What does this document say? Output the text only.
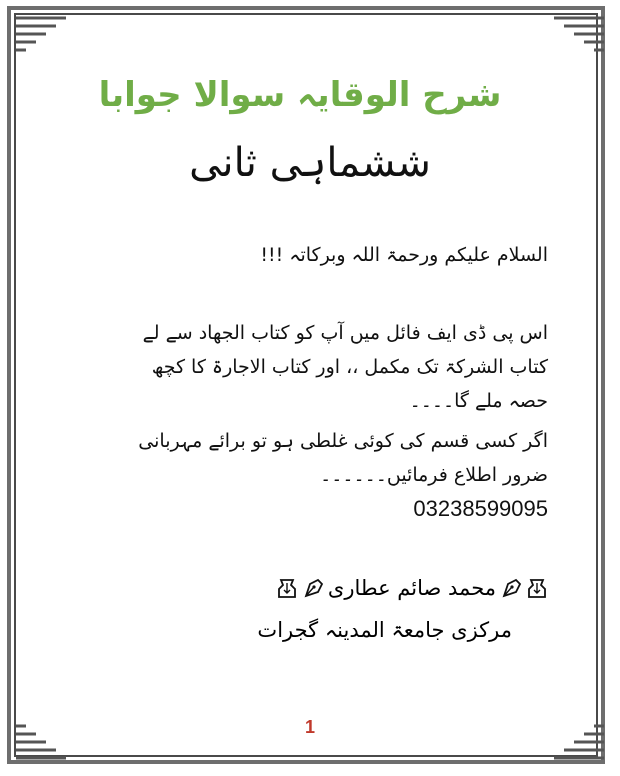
شرح الوقایہ سوالا جوابا
ششماہی ثانی
السلام علیکم ورحمۃ اللہ وبرکاتہ !!!
اس پی ڈی ایف فائل میں آپ کو کتاب الجھاد سے لے
کتاب الشرکۃ تک مکمل ،، اور کتاب الاجارۃ کا کچھ
حصہ ملے گا۔۔۔۔
اگر کسی قسم کی کوئی غلطی ہو تو برائے مہربانی
ضرور اطلاع فرمائیں۔۔۔۔۔۔
03238599095
محمد صائم عطاری
مرکزی جامعۃ المدینہ گجرات
1
